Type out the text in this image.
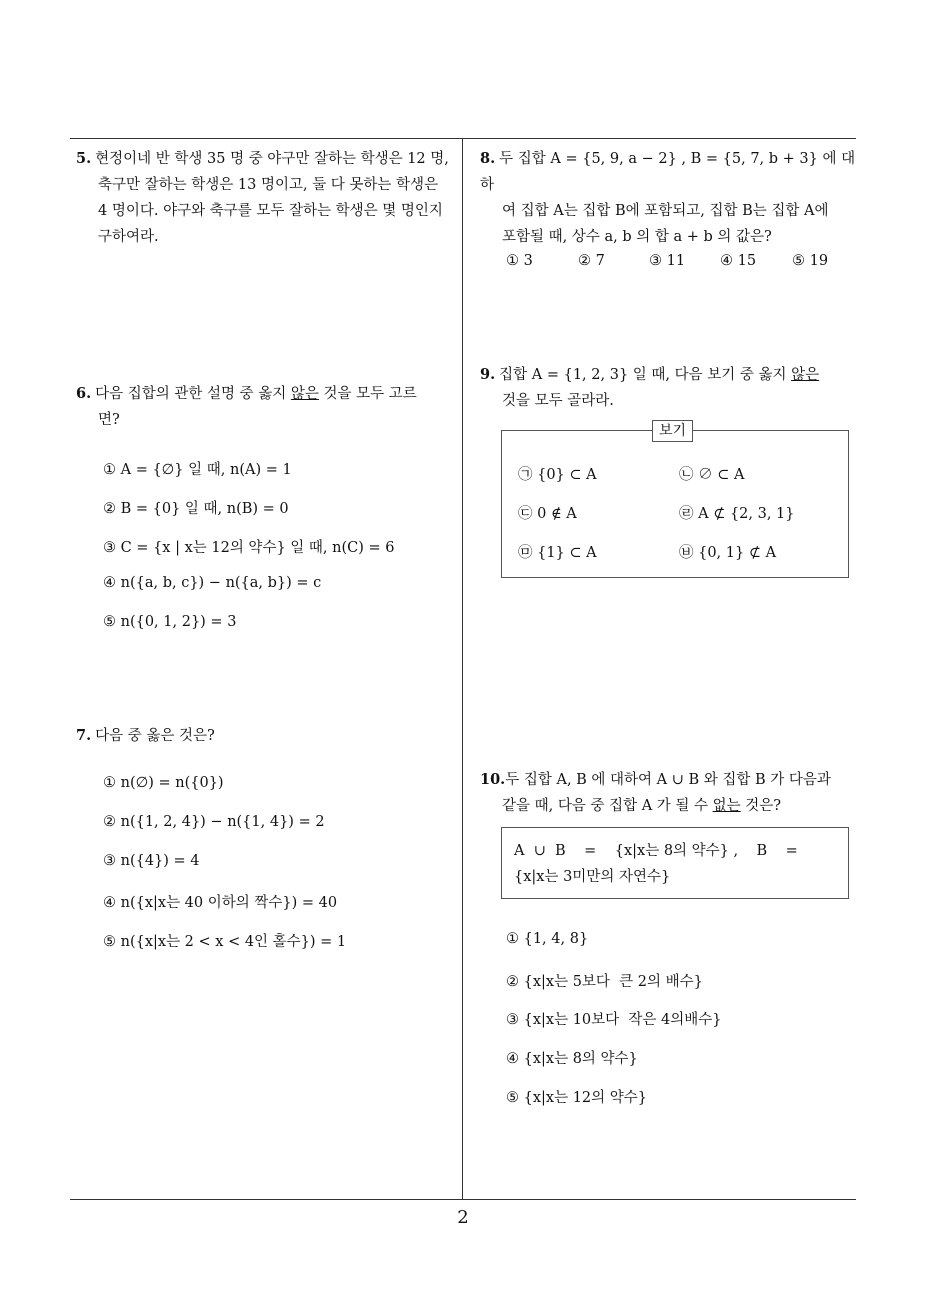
5. 현정이네 반 학생 35 명 중 야구만 잘하는 학생은 12 명,
축구만 잘하는 학생은 13 명이고, 둘 다 못하는 학생은
4 명이다. 야구와 축구를 모두 잘하는 학생은 몇 명인지
구하여라.
6. 다음 집합의 관한 설명 중 옳지 않은 것을 모두 고르
면?
① A = {∅} 일 때, n(A) = 1
② B = {0} 일 때, n(B) = 0
③ C = {x | x는 12의 약수} 일 때, n(C) = 6
④ n({a, b, c}) − n({a, b}) = c
⑤ n({0, 1, 2}) = 3
7. 다음 중 옳은 것은?
① n(∅) = n({0})
② n({1, 2, 4}) − n({1, 4}) = 2
③ n({4}) = 4
④ n({x|x는 40 이하의 짝수}) = 40
⑤ n({x|x는 2 < x < 4인 홀수}) = 1
8. 두 집합 A = {5, 9, a − 2} , B = {5, 7, b + 3} 에 대하
여 집합 A는 집합 B에 포함되고, 집합 B는 집합 A에
포함될 때, 상수 a, b 의 합 a + b 의 값은?
① 3	② 7	③ 11 ④ 15 ⑤ 19
9. 집합 A = {1, 2, 3} 일 때, 다음 보기 중 옳지 않은
것을 모두 골라라.
보기
㉠ {0} ⊂ A	㉡ ∅ ⊂ A
㉢ 0 ∉ A	㉣ A ⊄ {2, 3, 1}
㉤ {1} ⊂ A	㉥ {0, 1} ⊄ A
10.두 집합 A, B 에 대하여 A ∪ B 와 집합 B 가 다음과
같을 때, 다음 중 집합 A 가 될 수 없는 것은?
A  ∪  B    =    {x|x는 8의 약수} ,    B    =
{x|x는 3미만의 자연수}
① {1, 4, 8}
② {x|x는 5보다  큰 2의 배수}
③ {x|x는 10보다  작은 4의배수}
④ {x|x는 8의 약수}
⑤ {x|x는 12의 약수}
2
